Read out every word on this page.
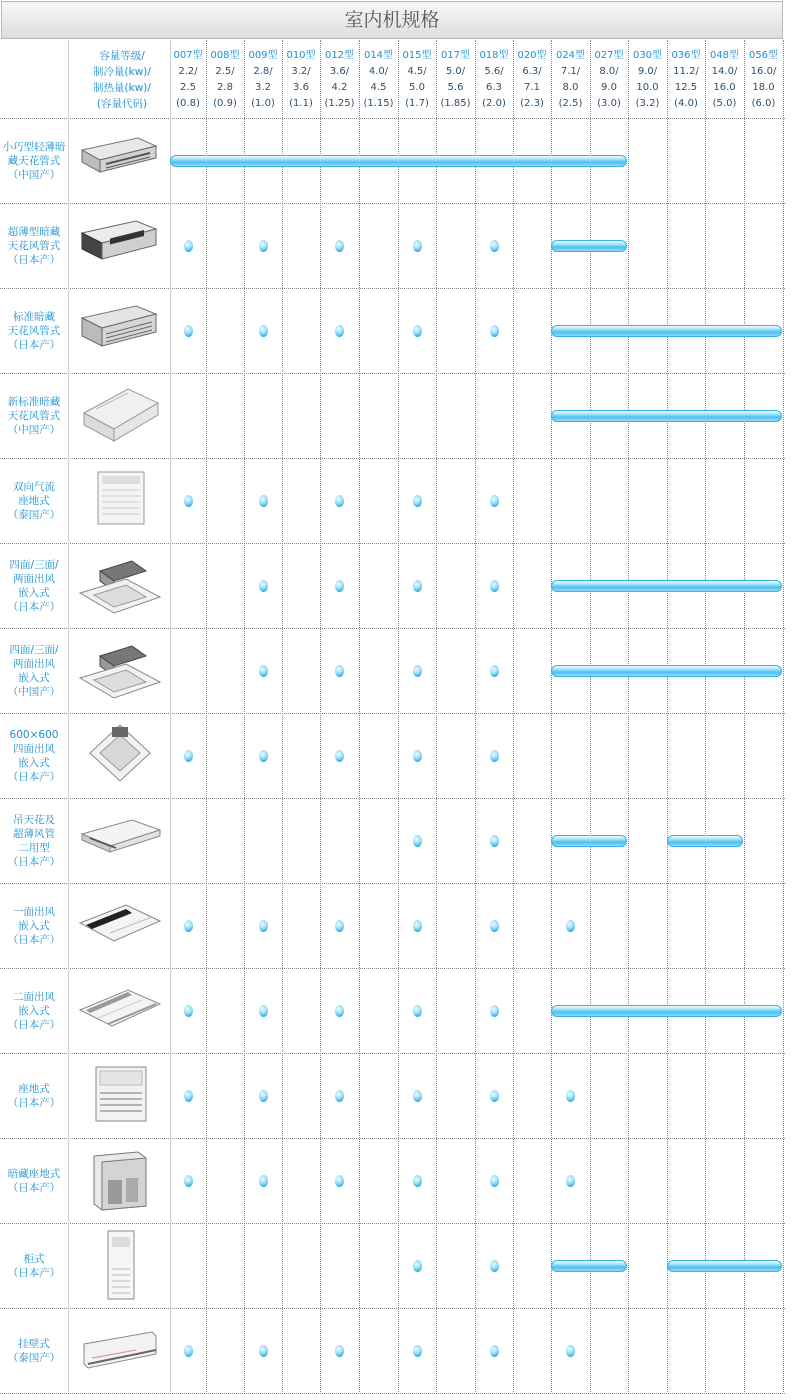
室内机规格
容量等级/
制冷量(kw)/
制热量(kw)/
(容量代码)
007型
2.2/
2.5
(0.8)
008型
2.5/
2.8
(0.9)
009型
2.8/
3.2
(1.0)
010型
3.2/
3.6
(1.1)
012型
3.6/
4.2
(1.25)
014型
4.0/
4.5
(1.15)
015型
4.5/
5.0
(1.7)
017型
5.0/
5.6
(1.85)
018型
5.6/
6.3
(2.0)
020型
6.3/
7.1
(2.3)
024型
7.1/
8.0
(2.5)
027型
8.0/
9.0
(3.0)
030型
9.0/
10.0
(3.2)
036型
11.2/
12.5
(4.0)
048型
14.0/
16.0
(5.0)
056型
16.0/
18.0
(6.0)
小巧型轻薄暗
藏天花管式
（中国产）
超薄型暗藏
天花风管式
（日本产）
标准暗藏
天花风管式
（日本产）
新标准暗藏
天花风管式
（中国产）
双向气流
座地式
（泰国产）
四面/三面/
两面出风
嵌入式
（日本产）
四面/三面/
两面出风
嵌入式
（中国产）
600×600
四面出风
嵌入式
（日本产）
吊天花及
超薄风管
二用型
（日本产）
一面出风
嵌入式
（日本产）
二面出风
嵌入式
（日本产）
座地式
（日本产）
暗藏座地式
（日本产）
柜式
（日本产）
挂壁式
（泰国产）
